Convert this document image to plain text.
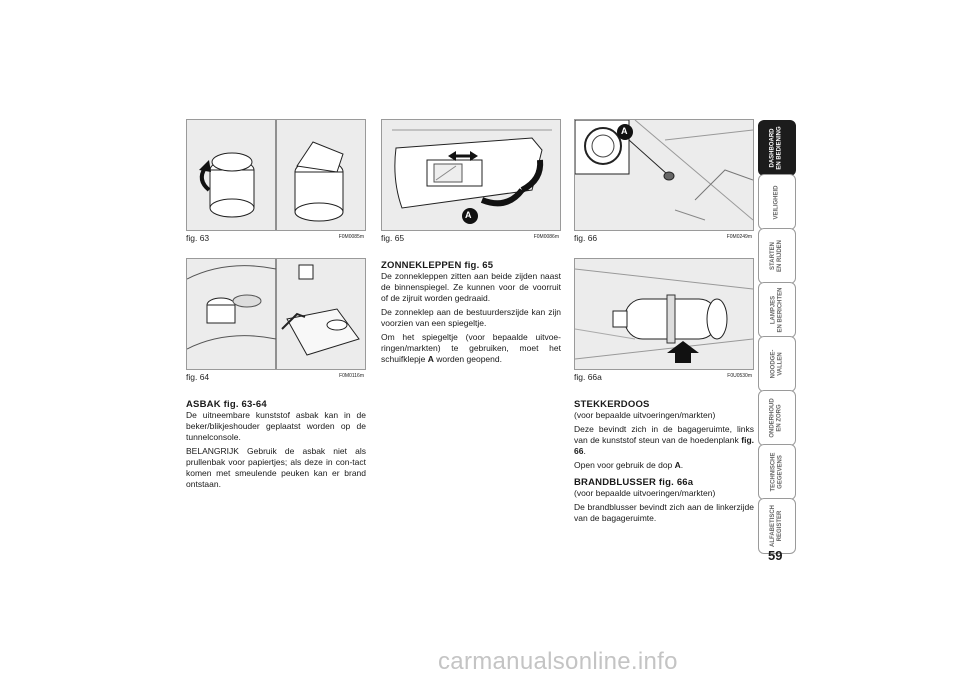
fig. 63	F0M0085m
fig. 64	F0M0116m
A
fig. 65	F0M0086m
A
fig. 66	F0M0249m
fig. 66a	F0U0530m
ASBAK fig. 63-64

De uitneembare kunststof asbak kan in de beker/blikjeshouder geplaatst worden op de tunnelconsole.

BELANGRIJK Gebruik de asbak niet als prullenbak voor papiertjes; als deze in con-tact komen met smeulende peuken kan er brand ontstaan.

ZONNEKLEPPEN fig. 65

De zonnekleppen zitten aan beide zijden naast de binnenspiegel. Ze kunnen voor de voorruit of de zijruit worden gedraaid.

De zonneklep aan de bestuurderszijde kan zijn voorzien van een spiegeltje.

Om het spiegeltje (voor bepaalde uitvoe-ringen/markten) te gebruiken, moet het schuifklepje A worden geopend.

STEKKERDOOS

(voor bepaalde uitvoeringen/markten)

Deze bevindt zich in de bagageruimte, links van de kunststof steun van de hoedenplank fig. 66.

Open voor gebruik de dop A.

BRANDBLUSSER fig. 66a

(voor bepaalde uitvoeringen/markten)

De brandblusser bevindt zich aan de linkerzijde van de bagageruimte.

DASHBOARD
EN BEDIENING
VEILIGHEID
STARTEN
EN RIJDEN
LAMPJES
EN BERICHTEN
NOODGE-
VALLEN
ONDERHOUD
EN ZORG
TECHNISCHE
GEGEVENS
ALFABETISCH
REGISTER
59
carmanualsonline.info
